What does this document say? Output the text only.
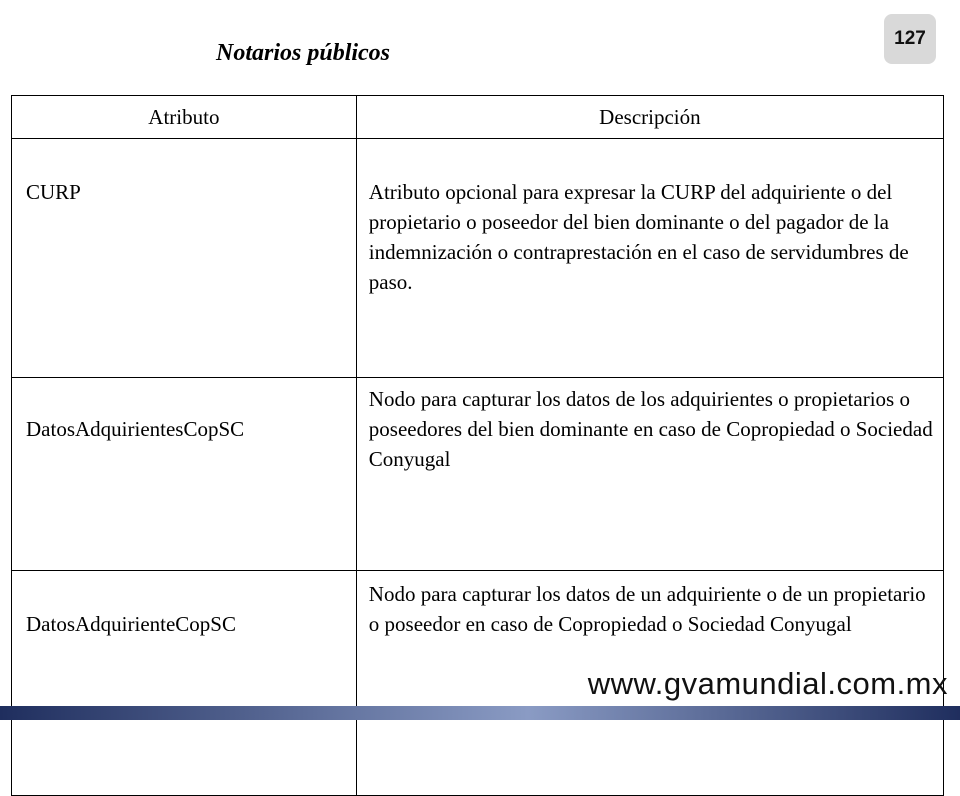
Notarios públicos
127
Atributo	Descripción
CURP	Atributo opcional para expresar la CURP del adquiriente o del propietario o poseedor del bien dominante o del pagador de la indemnización o contraprestación en el caso de servidumbres de paso.
DatosAdquirientesCopSC	Nodo para capturar los datos de los adquirientes o propietarios o poseedores del bien dominante en caso de Copropiedad o Sociedad Conyugal
DatosAdquirienteCopSC	Nodo para capturar los datos de un adquiriente o de un propietario o poseedor en caso de Copropiedad o Sociedad Conyugal
www.gvamundial.com.mx
